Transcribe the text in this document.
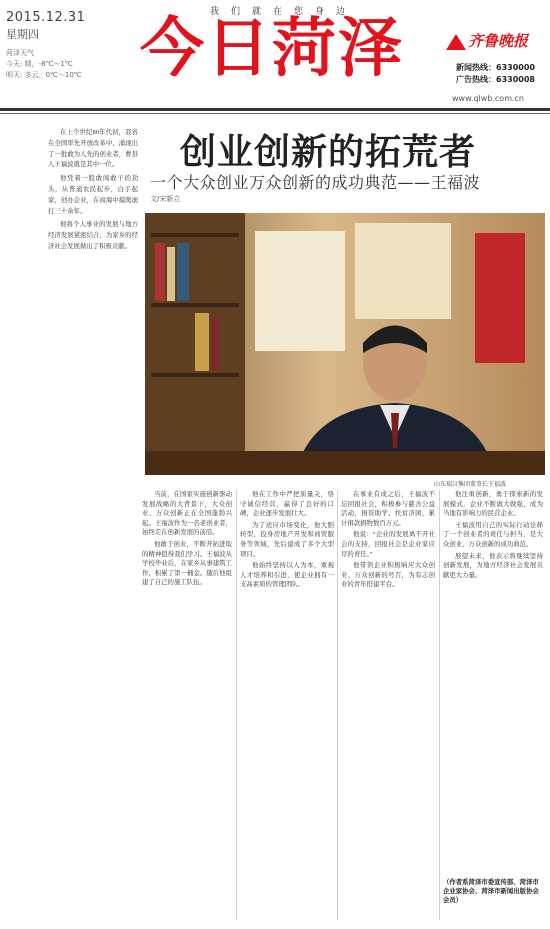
我们就在您身边
2015.12.31
星期四
菏泽天气
今天: 晴，-8℃～1℃
明天: 多云，0℃～10℃ 今 日 菏 泽	齐鲁晚报
新闻热线：6330000
广告热线：6330008
www.qlwb.com.cn
创业创新的拓荒者
一个大众创业万众创新的成功典范——王福波
文/宋新立

在上个世纪80年代初，我省在全国率先开放改革中，涌现出了一批敢为人先的创业者，曹县人王福波就是其中一位。

他凭着一股敢闯敢干的劲头，从普通农民起步，白手起家，创办企业，在商海中摸爬滚打三十余年。

他将个人事业的发展与地方经济发展紧密结合，为家乡的经济社会发展做出了积极贡献。

山东瑞汉集团董事长王福波

当前，在国家实施创新驱动发展战略的大背景下，大众创业、万众创新正在全国蓬勃兴起。王福波作为一名老创业者，始终走在创新发展的前沿。

他敢于创业，不断开拓进取的精神值得我们学习。王福波从学校毕业后，在家乡从事建筑工作，积累了第一桶金。随后他组建了自己的施工队伍。

他在工作中严把质量关，恪守诚信经营，赢得了良好的口碑，企业逐步发展壮大。

为了适应市场变化，他大胆转型，投身房地产开发和商贸服务等领域，先后建成了多个大型项目。

他始终坚持以人为本，重视人才培养和引进，使企业拥有一支高素质的管理团队。

在事业有成之后，王福波不忘回报社会，积极参与慈善公益活动，捐资助学、扶贫济困，累计捐款捐物数百万元。

他说：“企业的发展离不开社会的支持，回报社会是企业家应尽的责任。”

他带领企业积极响应大众创业、万众创新的号召，为有志创业的青年搭建平台。

他注重创新，勇于探索新的发展模式，企业不断做大做强，成为当地有影响力的民营企业。

王福波用自己的实际行动诠释了一个创业者的责任与担当，是大众创业、万众创新的成功典范。

展望未来，他表示将继续坚持创新发展，为地方经济社会发展贡献更大力量。

（作者系菏泽市委宣传部、菏泽市企业家协会、菏泽市新闻出版协会会员）
